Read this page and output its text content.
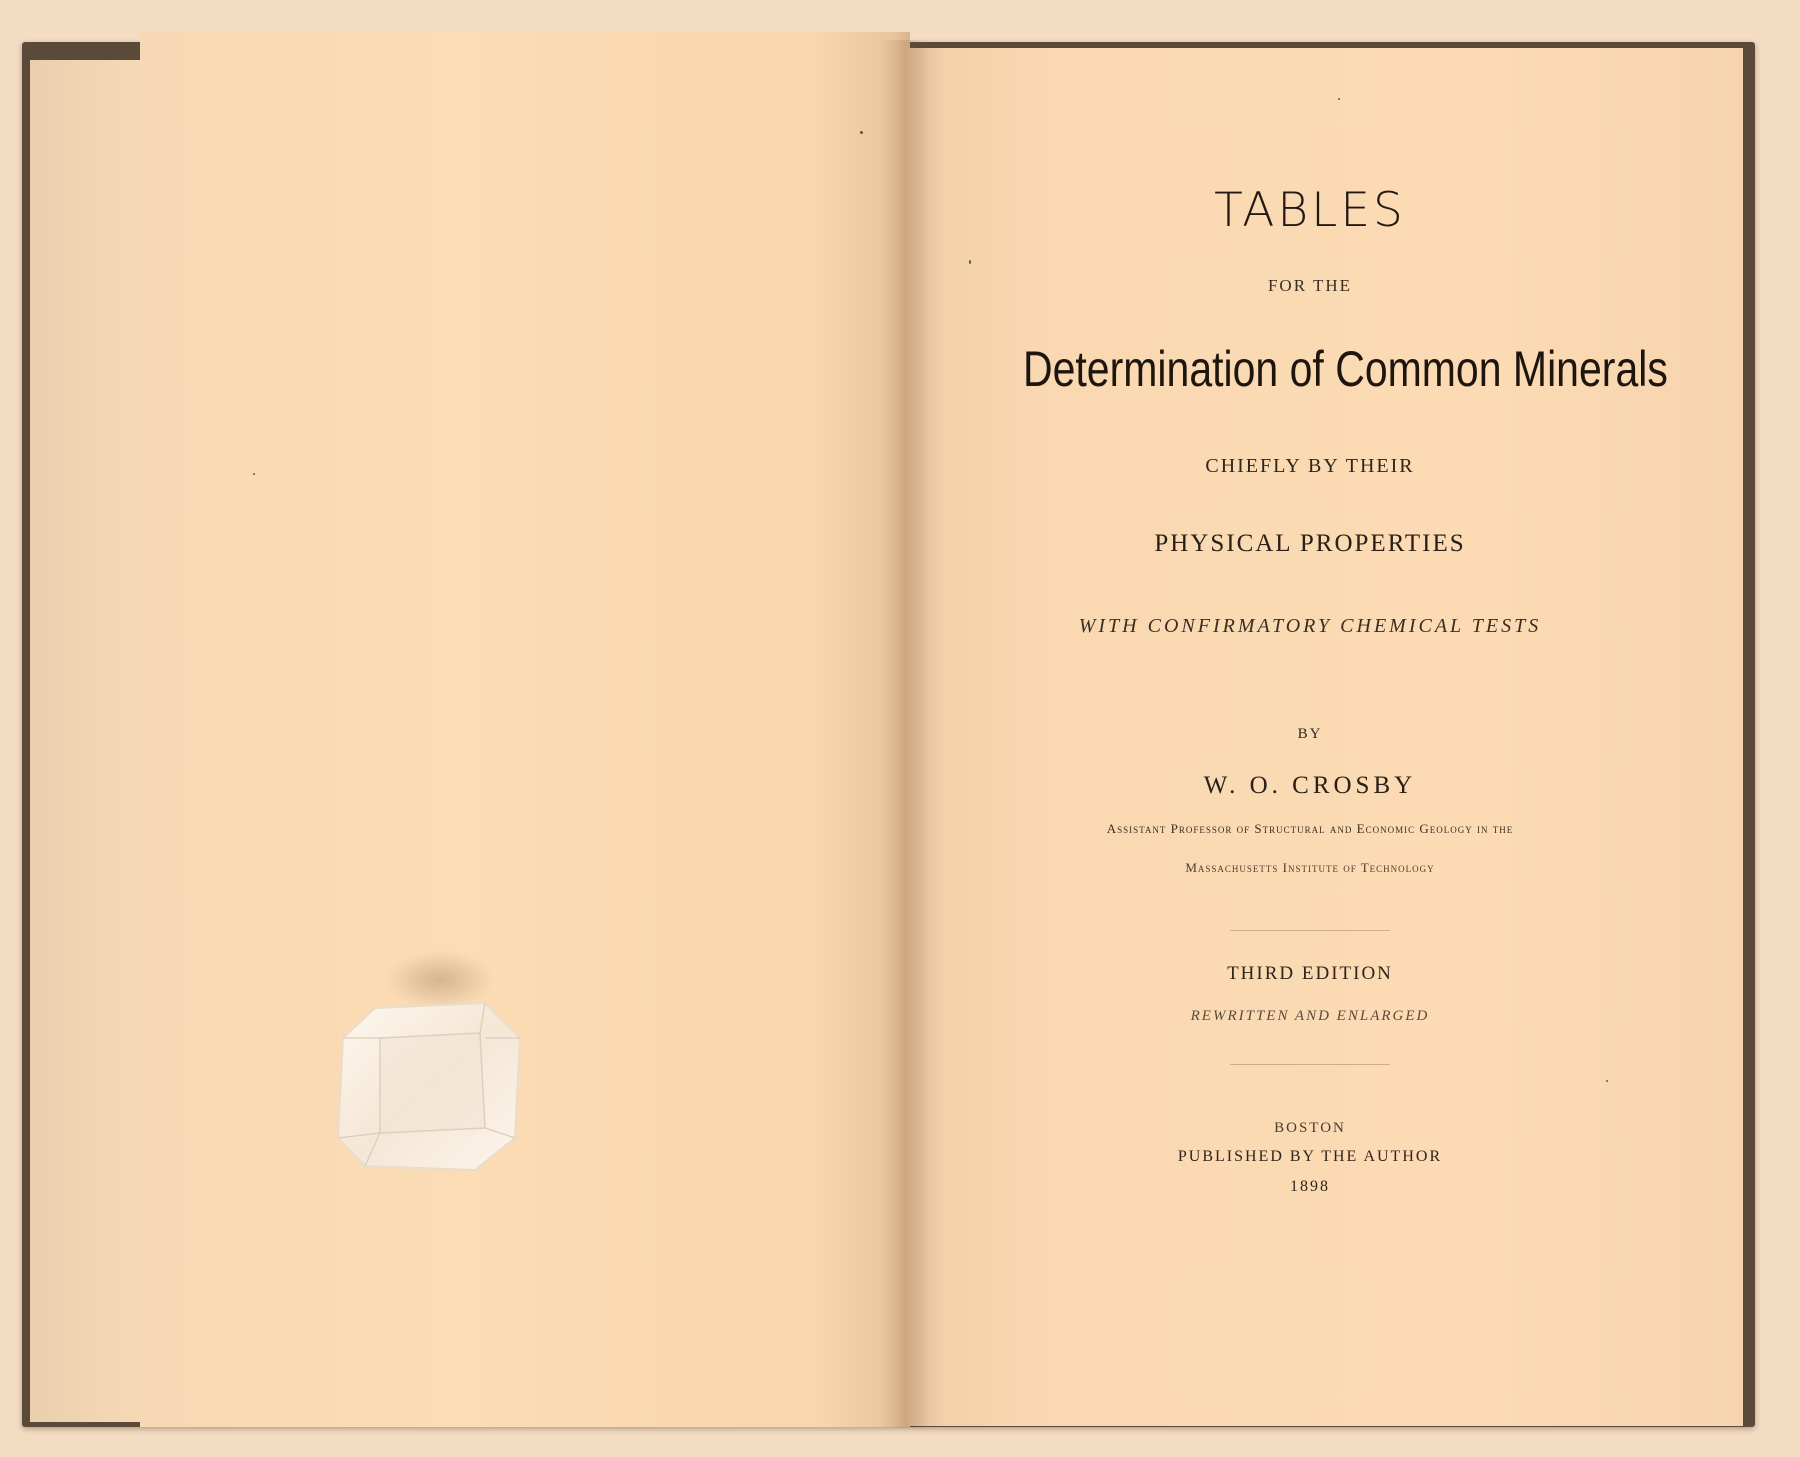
TABLES

FOR THE

Determination of Common Minerals

CHIEFLY BY THEIR

PHYSICAL PROPERTIES

WITH CONFIRMATORY CHEMICAL TESTS

BY

W. O. CROSBY

Assistant Professor of Structural and Economic Geology in the

Massachusetts Institute of Technology

THIRD EDITION

REWRITTEN AND ENLARGED

BOSTON

PUBLISHED BY THE AUTHOR

1898
